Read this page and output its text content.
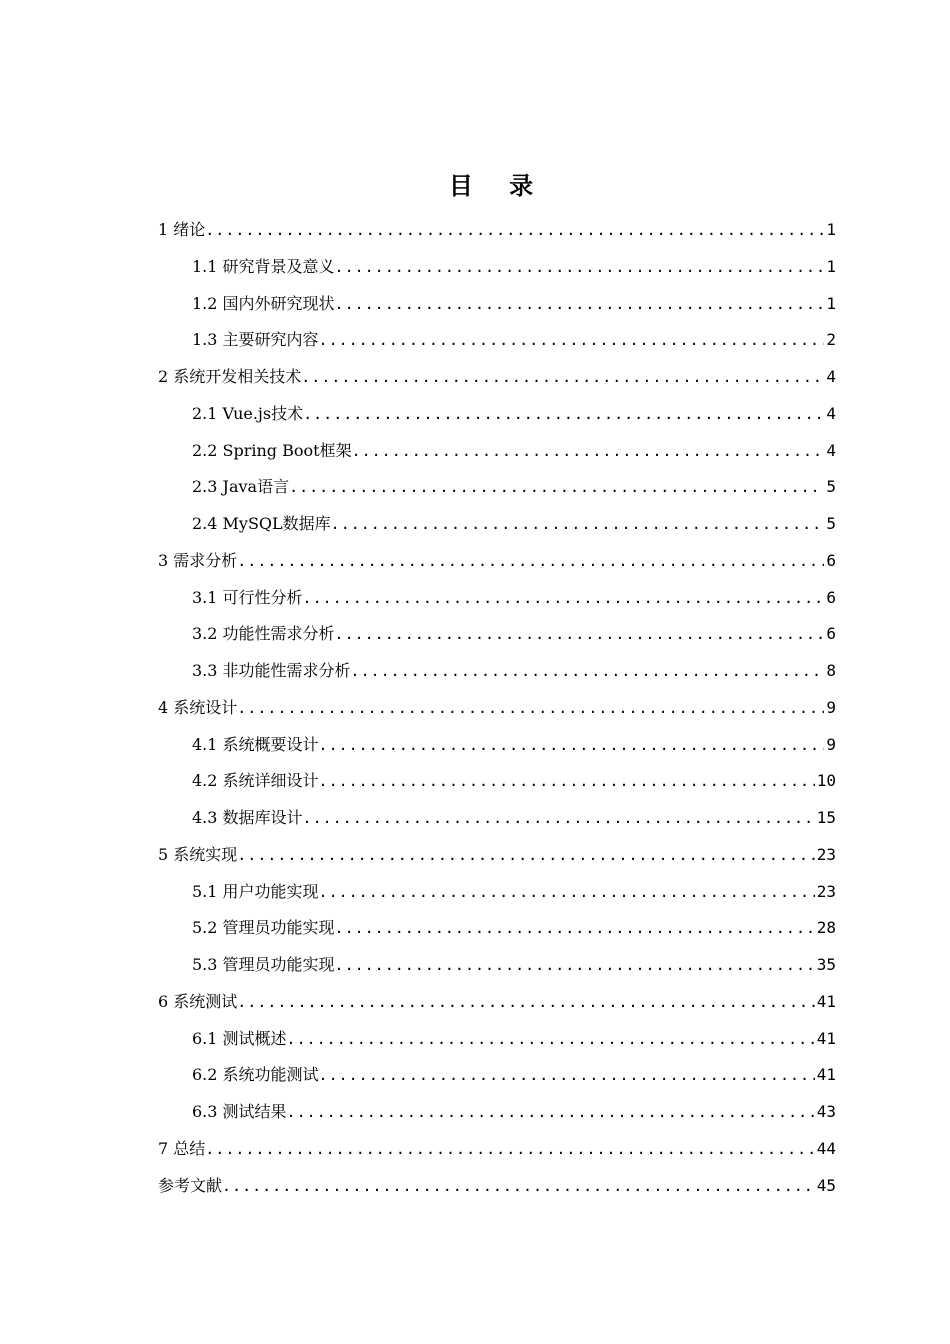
目 录
1 绪论 .....	1
1.1 研究背景及意义 .....	1
1.2 国内外研究现状 .....	1
1.3 主要研究内容 .....	2
2 系统开发相关技术 .....	4
2.1 Vue.js技术 .....	4
2.2 Spring Boot框架 .....	4
2.3 Java语言 .....	5
2.4 MySQL数据库 .....	5
3 需求分析 .....	6
3.1 可行性分析 .....	6
3.2 功能性需求分析 .....	6
3.3 非功能性需求分析 .....	8
4 系统设计 .....	9
4.1 系统概要设计 .....	9
4.2 系统详细设计 .....	10
4.3 数据库设计 .....	15
5 系统实现 .....	23
5.1 用户功能实现 .....	23
5.2 管理员功能实现 .....	28
5.3 管理员功能实现 .....	35
6 系统测试 .....	41
6.1 测试概述 .....	41
6.2 系统功能测试 .....	41
6.3 测试结果 .....	43
7 总结 .....	44
参考文献 .....	45
